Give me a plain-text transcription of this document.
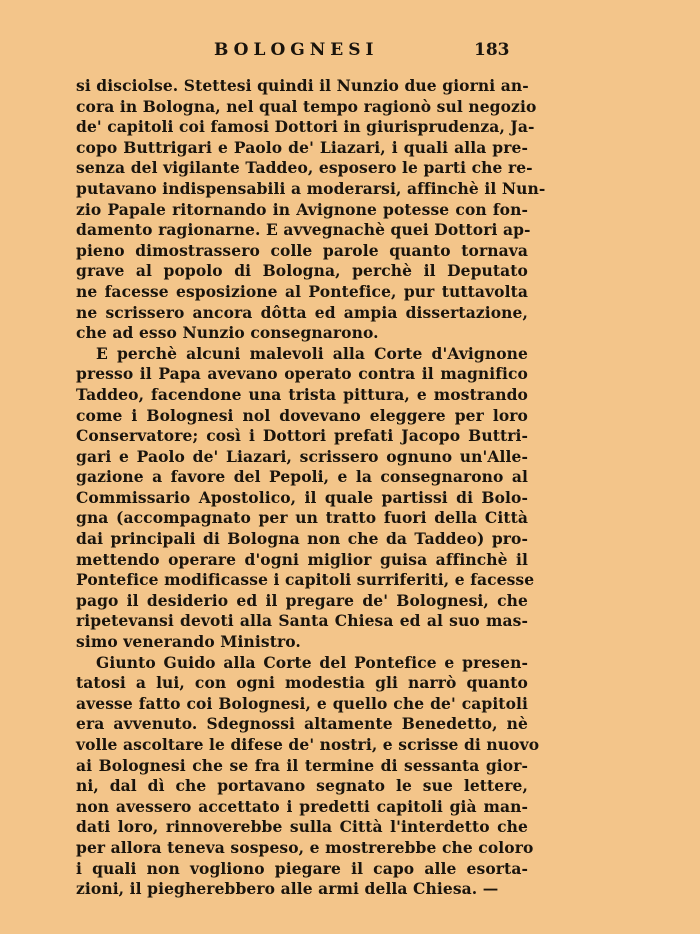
BOLOGNESI	183
si disciolse. Stettesi quindi il Nunzio due giorni an-
cora in Bologna, nel qual tempo ragionò sul negozio
de' capitoli coi famosi Dottori in giurisprudenza, Ja-
copo Buttrigari e Paolo de' Liazari, i quali alla pre-
senza del vigilante Taddeo, esposero le parti che re-
putavano indispensabili a moderarsi, affinchè il Nun-
zio Papale ritornando in Avignone potesse con fon-
damento ragionarne. E avvegnachè quei Dottori ap-
pieno dimostrassero colle parole quanto tornava
grave al popolo di Bologna, perchè il Deputato
ne facesse esposizione al Pontefice, pur tuttavolta
ne scrissero ancora dôtta ed ampia dissertazione,
che ad esso Nunzio consegnarono.
E perchè alcuni malevoli alla Corte d'Avignone
presso il Papa avevano operato contra il magnifico
Taddeo, facendone una trista pittura, e mostrando
come i Bolognesi nol dovevano eleggere per loro
Conservatore; così i Dottori prefati Jacopo Buttri-
gari e Paolo de' Liazari, scrissero ognuno un'Alle-
gazione a favore del Pepoli, e la consegnarono al
Commissario Apostolico, il quale partissi di Bolo-
gna (accompagnato per un tratto fuori della Città
dai principali di Bologna non che da Taddeo) pro-
mettendo operare d'ogni miglior guisa affinchè il
Pontefice modificasse i capitoli surriferiti, e facesse
pago il desiderio ed il pregare de' Bolognesi, che
ripetevansi devoti alla Santa Chiesa ed al suo mas-
simo venerando Ministro.
Giunto Guido alla Corte del Pontefice e presen-
tatosi a lui, con ogni modestia gli narrò quanto
avesse fatto coi Bolognesi, e quello che de' capitoli
era avvenuto. Sdegnossi altamente Benedetto, nè
volle ascoltare le difese de' nostri, e scrisse di nuovo
ai Bolognesi che se fra il termine di sessanta gior-
ni, dal dì che portavano segnato le sue lettere,
non avessero accettato i predetti capitoli già man-
dati loro, rinnoverebbe sulla Città l'interdetto che
per allora teneva sospeso, e mostrerebbe che coloro
i quali non vogliono piegare il capo alle esorta-
zioni, il piegherebbero alle armi della Chiesa. —
